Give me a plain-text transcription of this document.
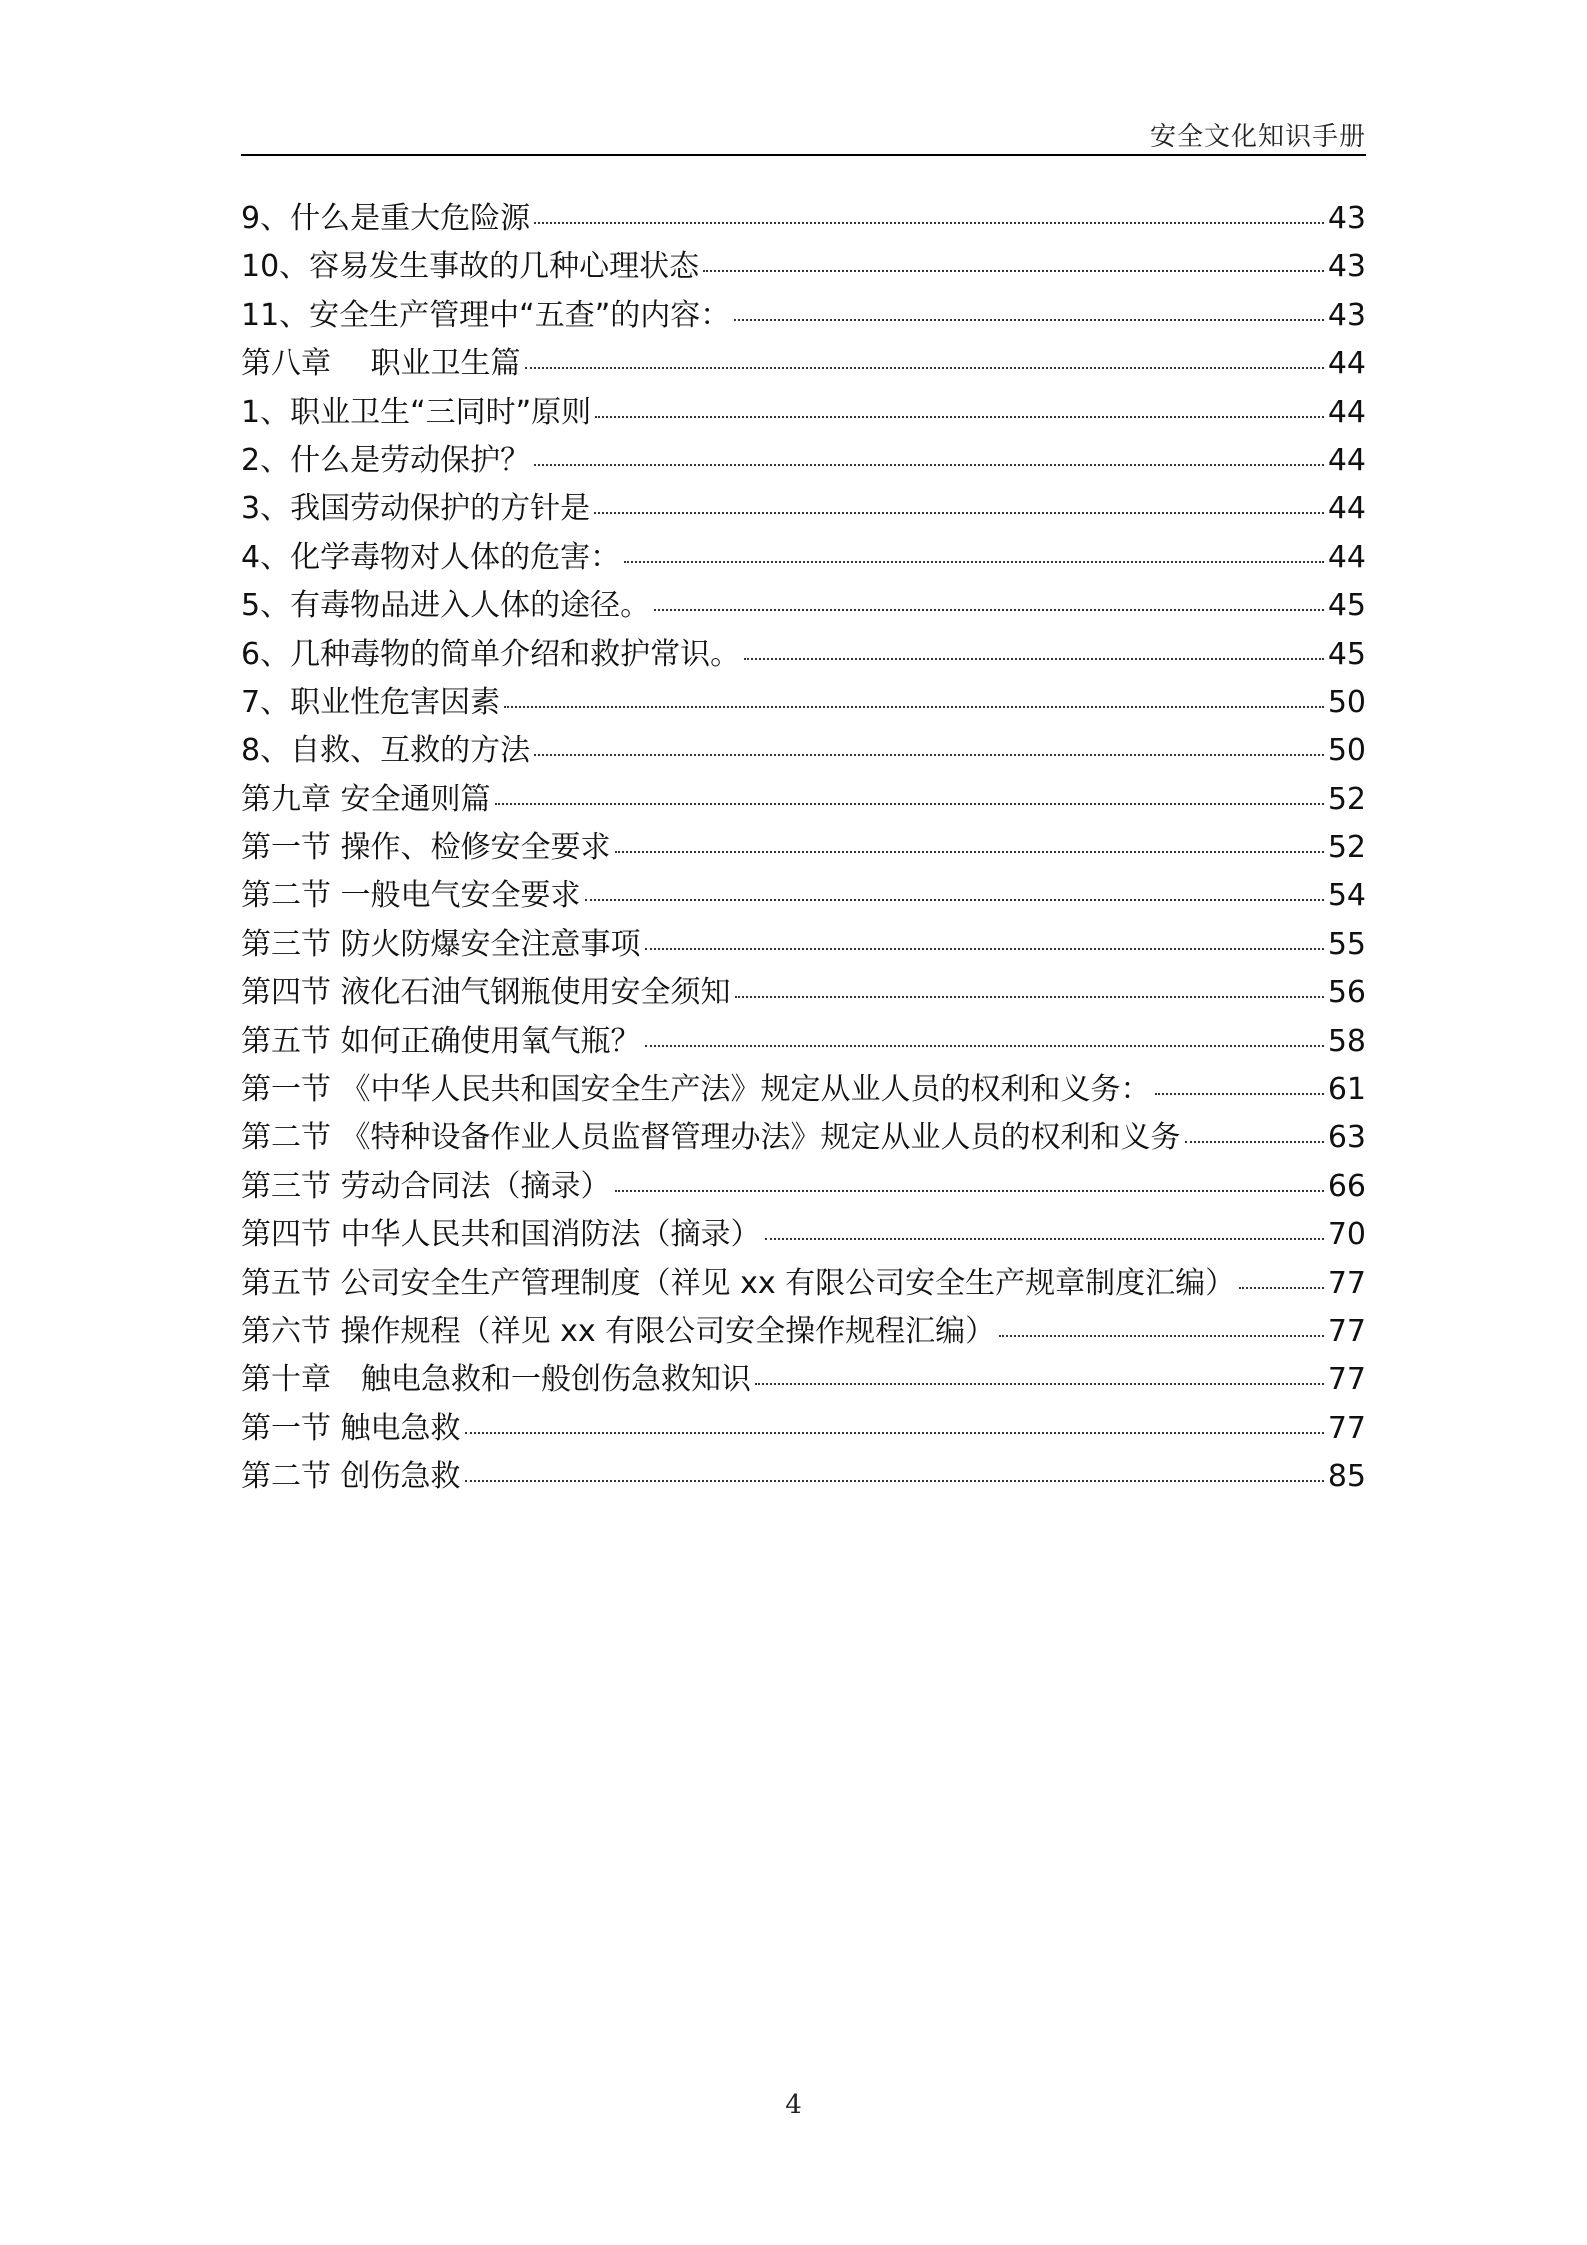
安全文化知识手册
9、什么是重大危险源	43
10、容易发生事故的几种心理状态	43
11、安全生产管理中“五查”的内容：	43
第八章　 职业卫生篇	44
1、职业卫生“三同时”原则	44
2、什么是劳动保护？	44
3、我国劳动保护的方针是	44
4、化学毒物对人体的危害：	44
5、有毒物品进入人体的途径。	45
6、几种毒物的简单介绍和救护常识。	45
7、职业性危害因素	50
8、自救、互救的方法	50
第九章 安全通则篇	52
第一节 操作、检修安全要求	52
第二节 一般电气安全要求	54
第三节 防火防爆安全注意事项	55
第四节 液化石油气钢瓶使用安全须知	56
第五节 如何正确使用氧气瓶？	58
第一节 《中华人民共和国安全生产法》规定从业人员的权利和义务：	61
第二节 《特种设备作业人员监督管理办法》规定从业人员的权利和义务	63
第三节 劳动合同法（摘录）	66
第四节 中华人民共和国消防法（摘录）	70
第五节 公司安全生产管理制度（祥见 xx 有限公司安全生产规章制度汇编）	77
第六节 操作规程（祥见 xx 有限公司安全操作规程汇编）	77
第十章　触电急救和一般创伤急救知识	77
第一节 触电急救	77
第二节 创伤急救	85
4
